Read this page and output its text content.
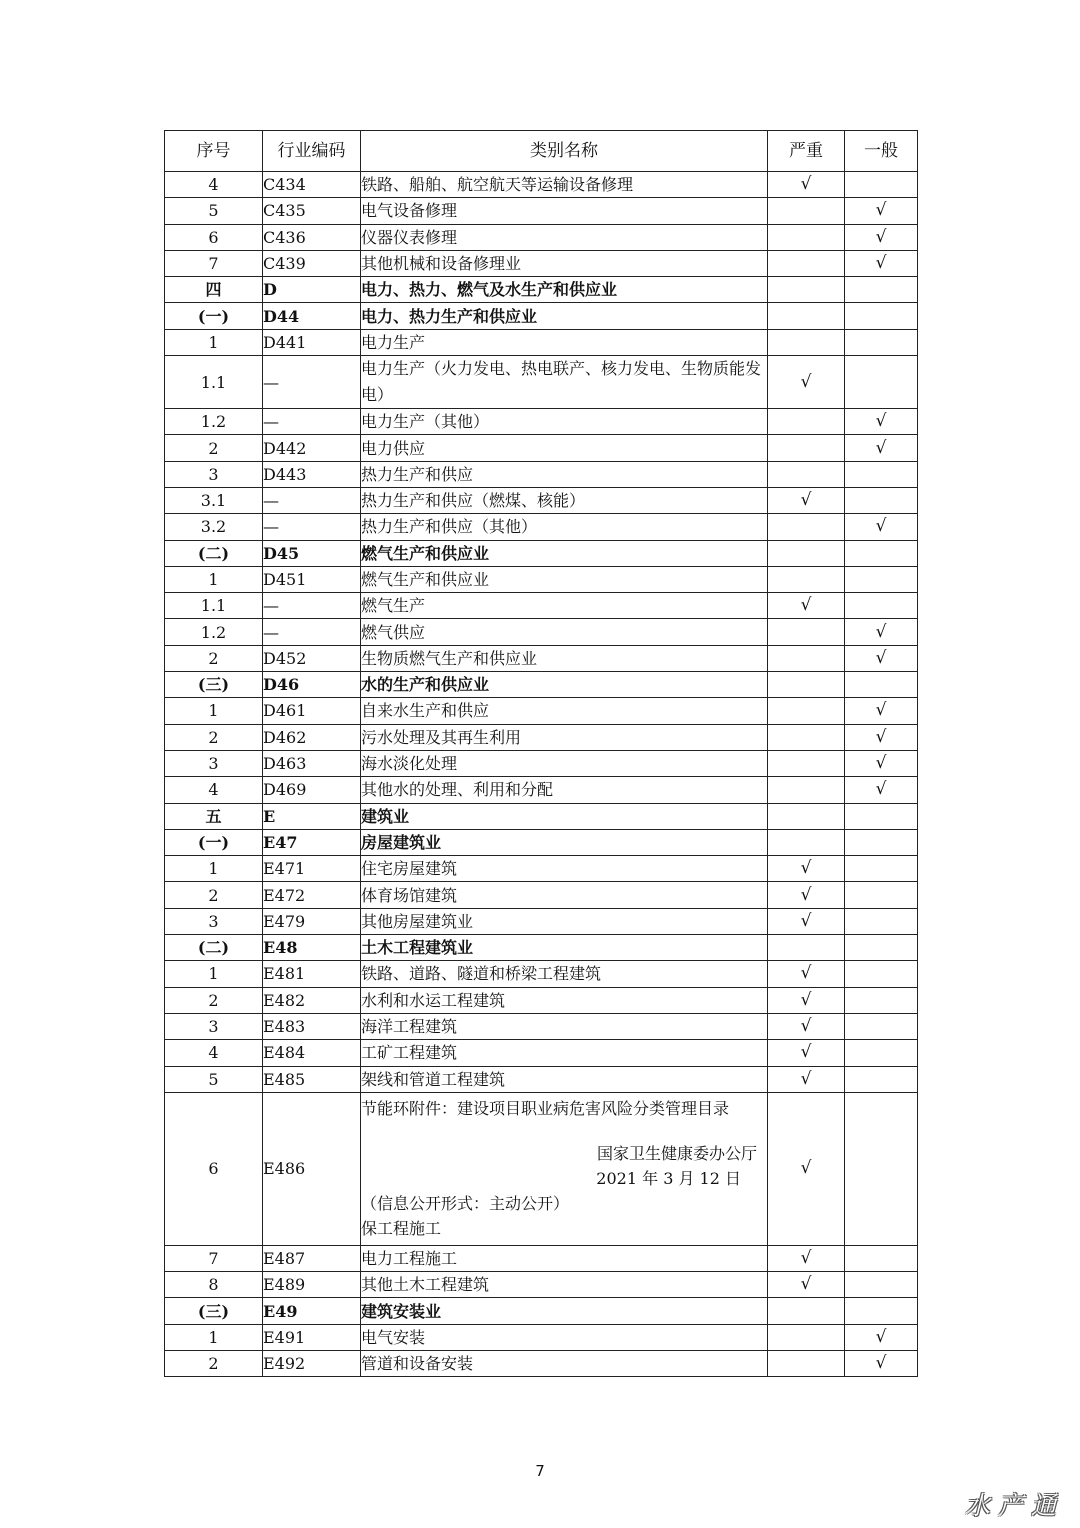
序号	行业编码	类别名称	严重	一般
4	C434	铁路、船舶、航空航天等运输设备修理	√	
5	C435	电气设备修理		√
6	C436	仪器仪表修理		√
7	C439	其他机械和设备修理业		√
四	D	电力、热力、燃气及水生产和供应业		
(一)	D44	电力、热力生产和供应业		
1	D441	电力生产		
1.1	—	电力生产（火力发电、热电联产、核力发电、生物质能发电）	√	
1.2	—	电力生产（其他）		√
2	D442	电力供应		√
3	D443	热力生产和供应		
3.1	—	热力生产和供应（燃煤、核能）	√	
3.2	—	热力生产和供应（其他）		√
(二)	D45	燃气生产和供应业		
1	D451	燃气生产和供应业		
1.1	—	燃气生产	√	
1.2	—	燃气供应		√
2	D452	生物质燃气生产和供应业		√
(三)	D46	水的生产和供应业		
1	D461	自来水生产和供应		√
2	D462	污水处理及其再生利用		√
3	D463	海水淡化处理		√
4	D469	其他水的处理、利用和分配		√
五	E	建筑业		
(一)	E47	房屋建筑业		
1	E471	住宅房屋建筑	√	
2	E472	体育场馆建筑	√	
3	E479	其他房屋建筑业	√	
(二)	E48	土木工程建筑业		
1	E481	铁路、道路、隧道和桥梁工程建筑	√	
2	E482	水利和水运工程建筑	√	
3	E483	海洋工程建筑	√	
4	E484	工矿工程建筑	√	
5	E485	架线和管道工程建筑	√	
6	E486	节能环附件：建设项目职业病危害风险分类管理目录
国家卫生健康委办公厅
2021 年 3 月 12 日
（信息公开形式：主动公开）
保工程施工	√	
7	E487	电力工程施工	√	
8	E489	其他土木工程建筑	√	
(三)	E49	建筑安装业		
1	E491	电气安装		√
2	E492	管道和设备安装		√
7
水产通
